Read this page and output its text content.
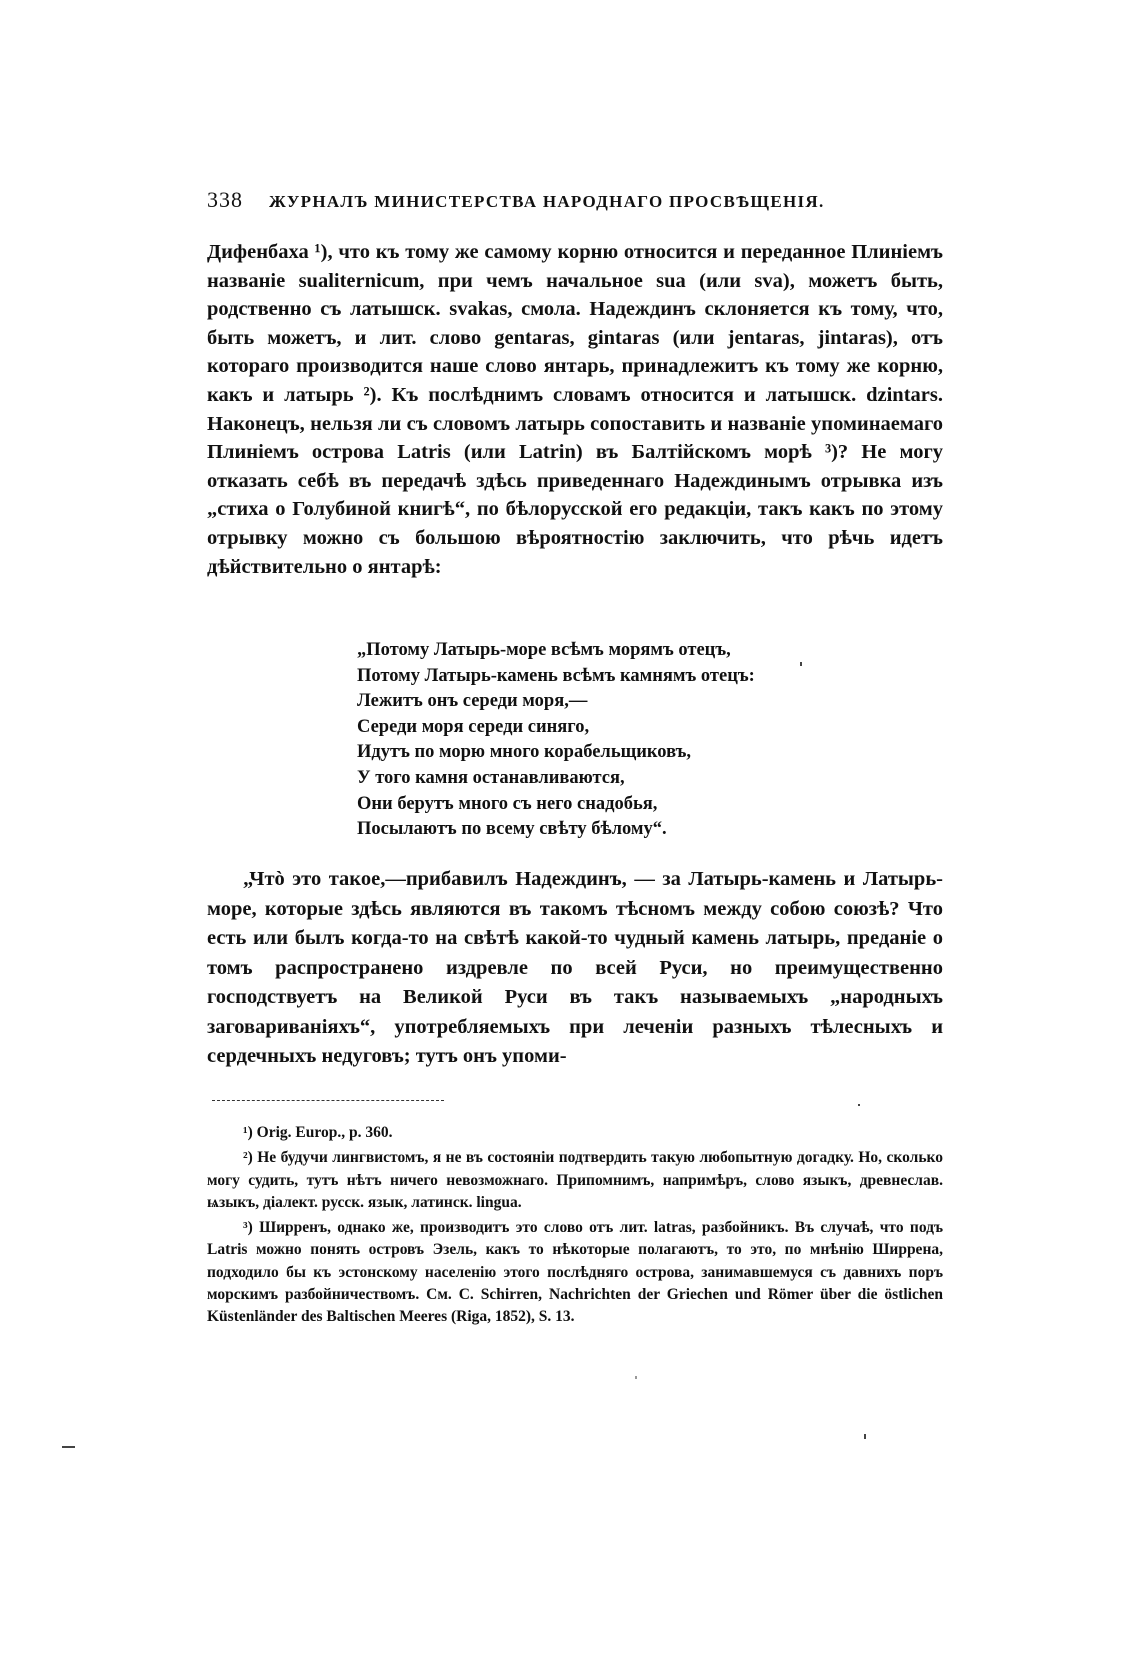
338 ЖУРНАЛЪ МИНИСТЕРСТВА НАРОДНАГО ПРОСВѢЩЕНІЯ.

Дифенбаха ¹), что къ тому же самому корню относится и переданное Плиніемъ названіе sualiternicum, при чемъ начальное sua (или sva), можетъ быть, родственно съ латышск. svakas, смола. Надеждинъ склоняется къ тому, что, быть можетъ, и лит. слово gentaras, gintaras (или jentaras, jintaras), отъ котораго производится наше слово янтарь, принадлежитъ къ тому же корню, какъ и латырь ²). Къ послѣднимъ словамъ относится и латышск. dzintars. Наконецъ, нельзя ли съ словомъ латырь сопоставить и названіе упоминаемаго Плиніемъ острова Latris (или Latrin) въ Балтійскомъ морѣ ³)? Не могу отказать себѣ въ передачѣ здѣсь приведеннаго Надеждинымъ отрывка изъ „стиха о Голубиной книгѣ“, по бѣлорусской его редакціи, такъ какъ по этому отрывку можно съ большою вѣроятностію заключить, что рѣчь идетъ дѣйствительно о янтарѣ:

„Потому Латырь-море всѣмъ морямъ отецъ,
Потому Латырь-камень всѣмъ камнямъ отецъ:
Лежитъ онъ середи моря,—
Середи моря середи синяго,
Идутъ по морю много корабельщиковъ,
У того камня останавливаются,
Они берутъ много съ него снадобья,
Посылаютъ по всему свѣту бѣлому“.

„Чтò это такое,—прибавилъ Надеждинъ, — за Латырь-камень и Латырь-море, которые здѣсь являются въ такомъ тѣсномъ между собою союзѣ? Что есть или былъ когда-то на свѣтѣ какой-то чудный камень латырь, преданіе о томъ распространено издревле по всей Руси, но преимущественно господствуетъ на Великой Руси въ такъ называемыхъ „народныхъ заговариваніяхъ“, употребляемыхъ при леченіи разныхъ тѣлесныхъ и сердечныхъ недуговъ; тутъ онъ упоми-

¹) Orig. Europ., p. 360.

²) Не будучи лингвистомъ, я не въ состояніи подтвердить такую любопытную догадку. Но, сколько могу судить, тутъ нѣтъ ничего невозможнаго. Припомнимъ, напримѣръ, слово языкъ, древнеслав. ѩзыкъ, діалект. русск. язык, латинск. lingua.

³) Ширренъ, однако же, производитъ это слово отъ лит. latras, разбойникъ. Въ случаѣ, что подъ Latris можно понять островъ Эзель, какъ то нѣкоторые полагаютъ, то это, по мнѣнію Ширрена, подходило бы къ эстонскому населенію этого послѣдняго острова, занимавшемуся съ давнихъ поръ морскимъ разбойничествомъ. См. C. Schirren, Nachrichten der Griechen und Römer über die östlichen Küstenländer des Baltischen Meeres (Riga, 1852), S. 13.
